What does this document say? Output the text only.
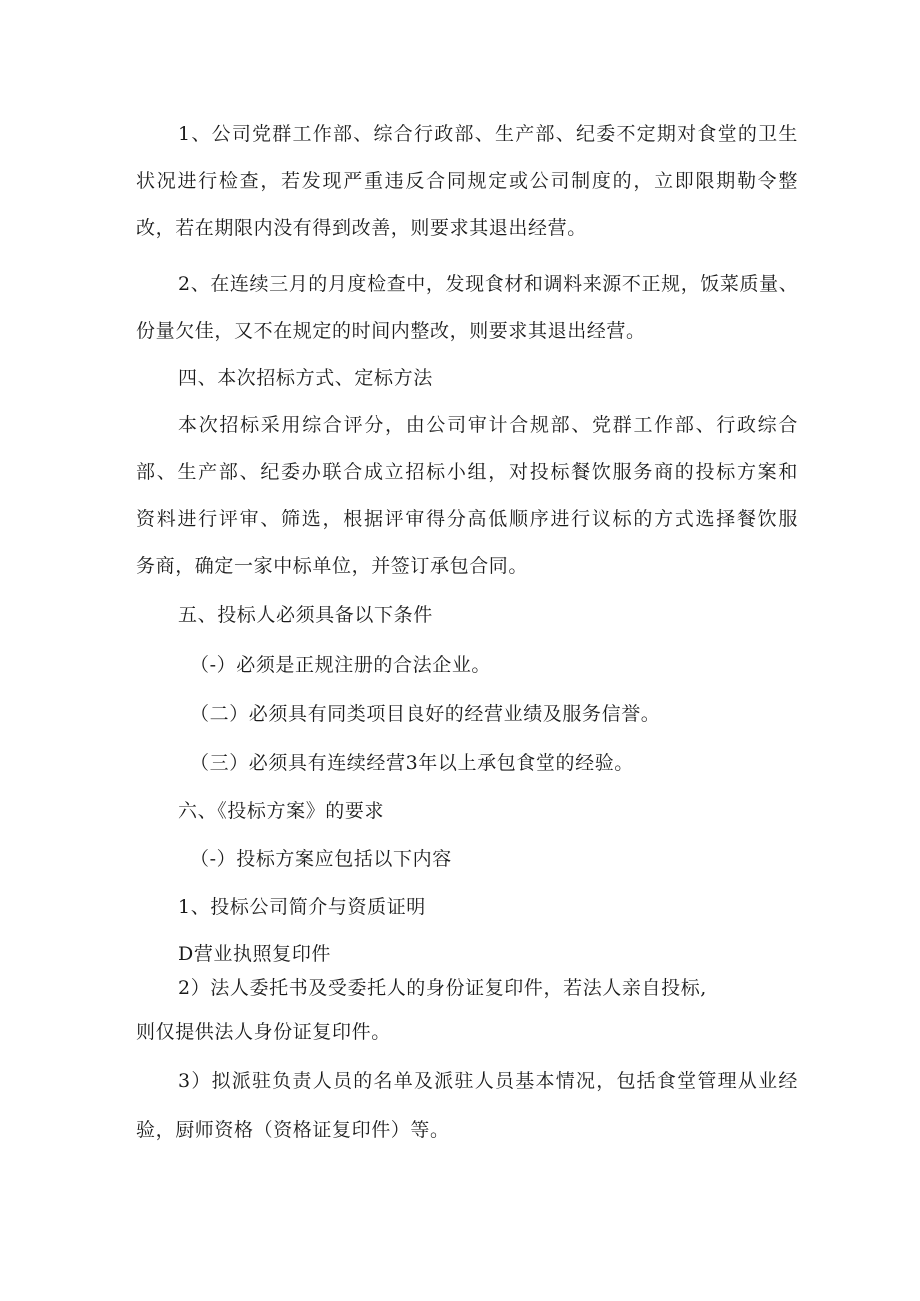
1、公司党群工作部、综合行政部、生产部、纪委不定期对食堂的卫生
状况进行检查，若发现严重违反合同规定或公司制度的，立即限期勒令整
改，若在期限内没有得到改善，则要求其退出经营。
2、在连续三月的月度检查中，发现食材和调料来源不正规，饭菜质量、
份量欠佳，又不在规定的时间内整改，则要求其退出经营。
四、本次招标方式、定标方法
本次招标采用综合评分，由公司审计合规部、党群工作部、行政综合
部、生产部、纪委办联合成立招标小组，对投标餐饮服务商的投标方案和
资料进行评审、筛选，根据评审得分高低顺序进行议标的方式选择餐饮服
务商，确定一家中标单位，并签订承包合同。
五、投标人必须具备以下条件
（-）必须是正规注册的合法企业。
（二）必须具有同类项目良好的经营业绩及服务信誉。
（三）必须具有连续经营3年以上承包食堂的经验。
六、《投标方案》的要求
（-）投标方案应包括以下内容
1、投标公司简介与资质证明
D营业执照复印件
2）法人委托书及受委托人的身份证复印件，若法人亲自投标,
则仅提供法人身份证复印件。
3）拟派驻负责人员的名单及派驻人员基本情况，包括食堂管理从业经
验，厨师资格（资格证复印件）等。
